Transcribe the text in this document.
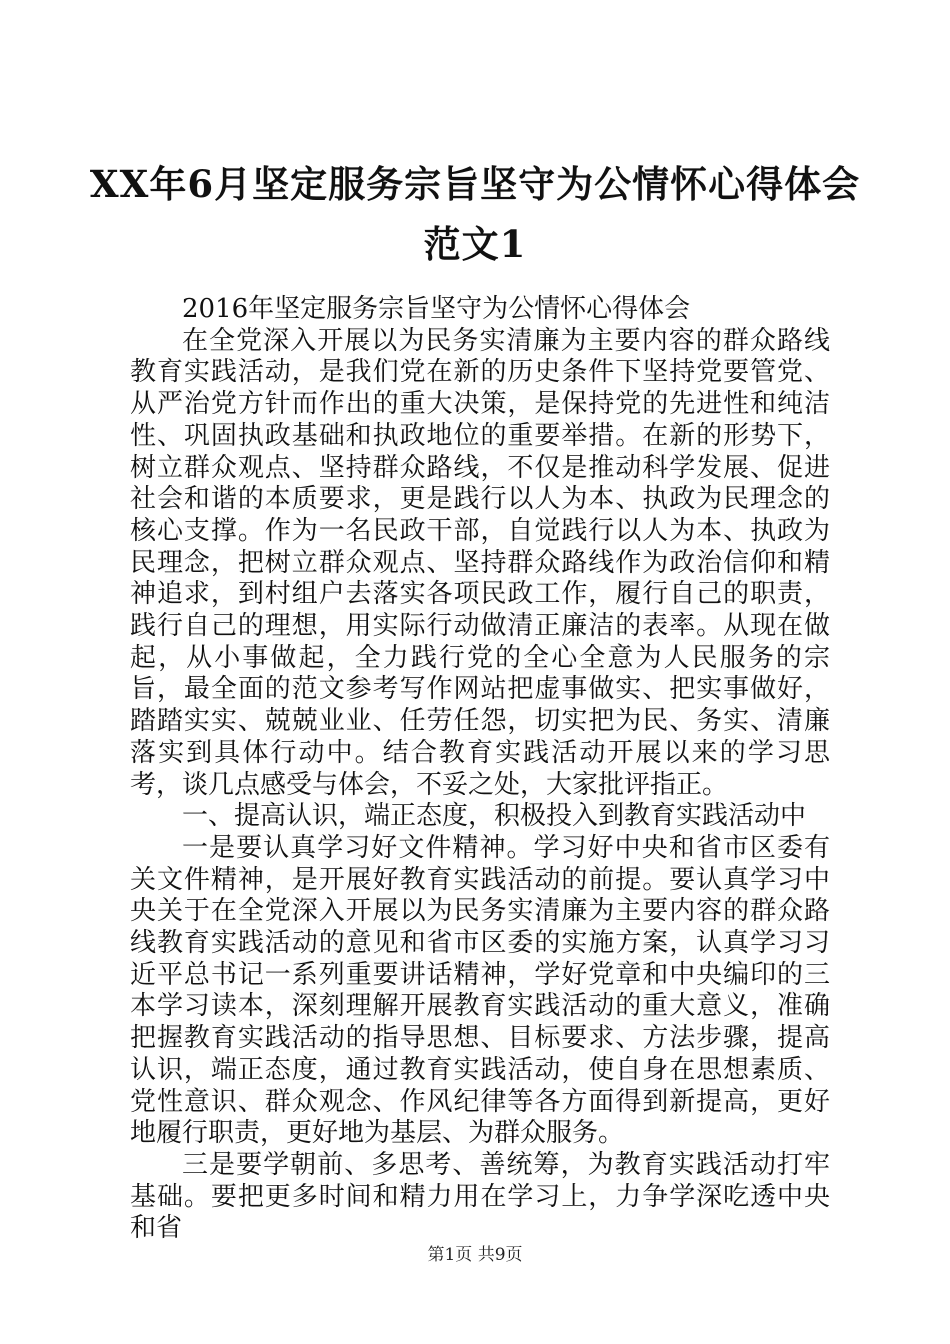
XX年6月坚定服务宗旨坚守为公情怀心得体会
范文1

2016年坚定服务宗旨坚守为公情怀心得体会

在全党深入开展以为民务实清廉为主要内容的群众路线教育实践活动，是我们党在新的历史条件下坚持党要管党、从严治党方针而作出的重大决策，是保持党的先进性和纯洁性、巩固执政基础和执政地位的重要举措。在新的形势下，树立群众观点、坚持群众路线，不仅是推动科学发展、促进社会和谐的本质要求，更是践行以人为本、执政为民理念的核心支撑。作为一名民政干部，自觉践行以人为本、执政为民理念，把树立群众观点、坚持群众路线作为政治信仰和精神追求，到村组户去落实各项民政工作，履行自己的职责，践行自己的理想，用实际行动做清正廉洁的表率。从现在做起，从小事做起，全力践行党的全心全意为人民服务的宗旨，最全面的范文参考写作网站把虚事做实、把实事做好，踏踏实实、兢兢业业、任劳任怨，切实把为民、务实、清廉落实到具体行动中。结合教育实践活动开展以来的学习思考，谈几点感受与体会，不妥之处，大家批评指正。

一、提高认识，端正态度，积极投入到教育实践活动中

一是要认真学习好文件精神。学习好中央和省市区委有关文件精神，是开展好教育实践活动的前提。要认真学习中央关于在全党深入开展以为民务实清廉为主要内容的群众路线教育实践活动的意见和省市区委的实施方案，认真学习习近平总书记一系列重要讲话精神，学好党章和中央编印的三本学习读本，深刻理解开展教育实践活动的重大意义，准确把握教育实践活动的指导思想、目标要求、方法步骤，提高认识，端正态度，通过教育实践活动，使自身在思想素质、党性意识、群众观念、作风纪律等各方面得到新提高，更好地履行职责，更好地为基层、为群众服务。

三是要学朝前、多思考、善统筹，为教育实践活动打牢基础。要把更多时间和精力用在学习上，力争学深吃透中央和省

第1页 共9页
